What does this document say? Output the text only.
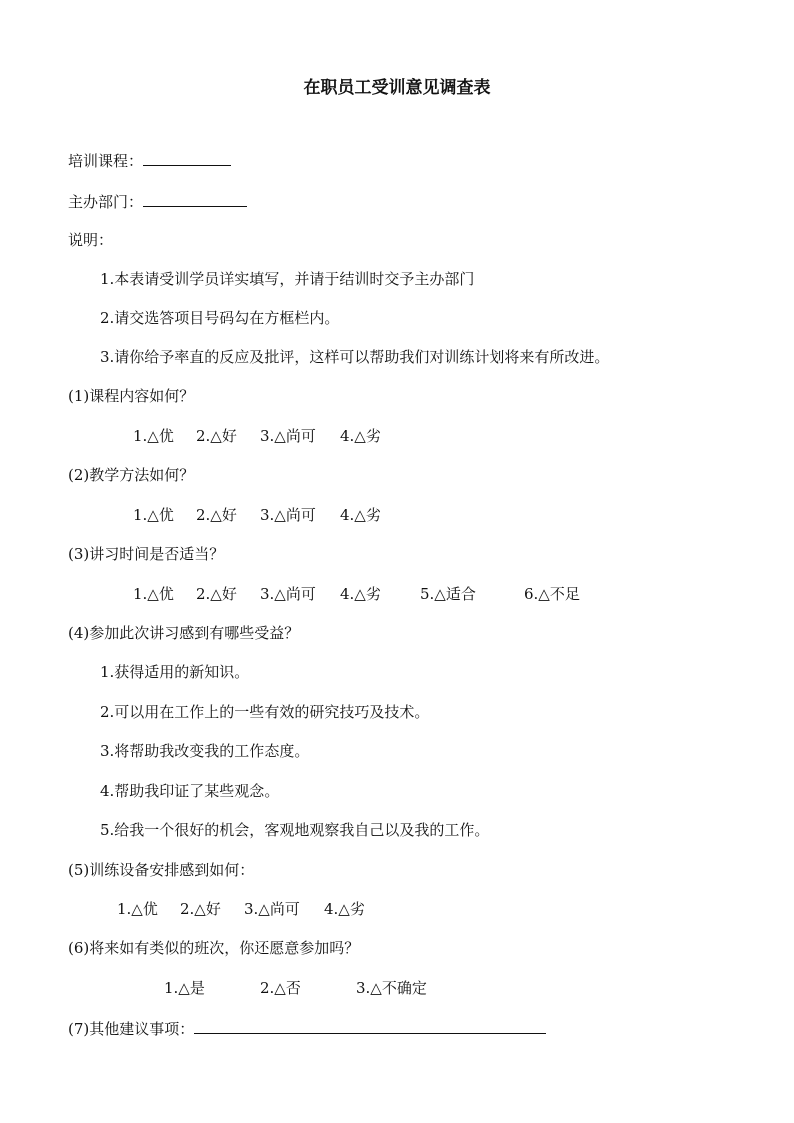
在职员工受训意见调查表
培训课程：
主办部门：
说明：
1.本表请受训学员详实填写，并请于结训时交予主办部门
2.请交选答项目号码勾在方框栏内。
3.请你给予率直的反应及批评，这样可以帮助我们对训练计划将来有所改进。
(1)课程内容如何？
1.△优 2.△好 3.△尚可 4.△劣
(2)教学方法如何？
1.△优 2.△好 3.△尚可 4.△劣
(3)讲习时间是否适当？
1.△优 2.△好 3.△尚可 4.△劣	5.△适合	6.△不足
(4)参加此次讲习感到有哪些受益？
1.获得适用的新知识。
2.可以用在工作上的一些有效的研究技巧及技术。
3.将帮助我改变我的工作态度。
4.帮助我印证了某些观念。
5.给我一个很好的机会，客观地观察我自己以及我的工作。
(5)训练设备安排感到如何：
1.△优 2.△好 3.△尚可 4.△劣
(6)将来如有类似的班次，你还愿意参加吗？
1.△是	2.△否	3.△不确定
(7)其他建议事项：
